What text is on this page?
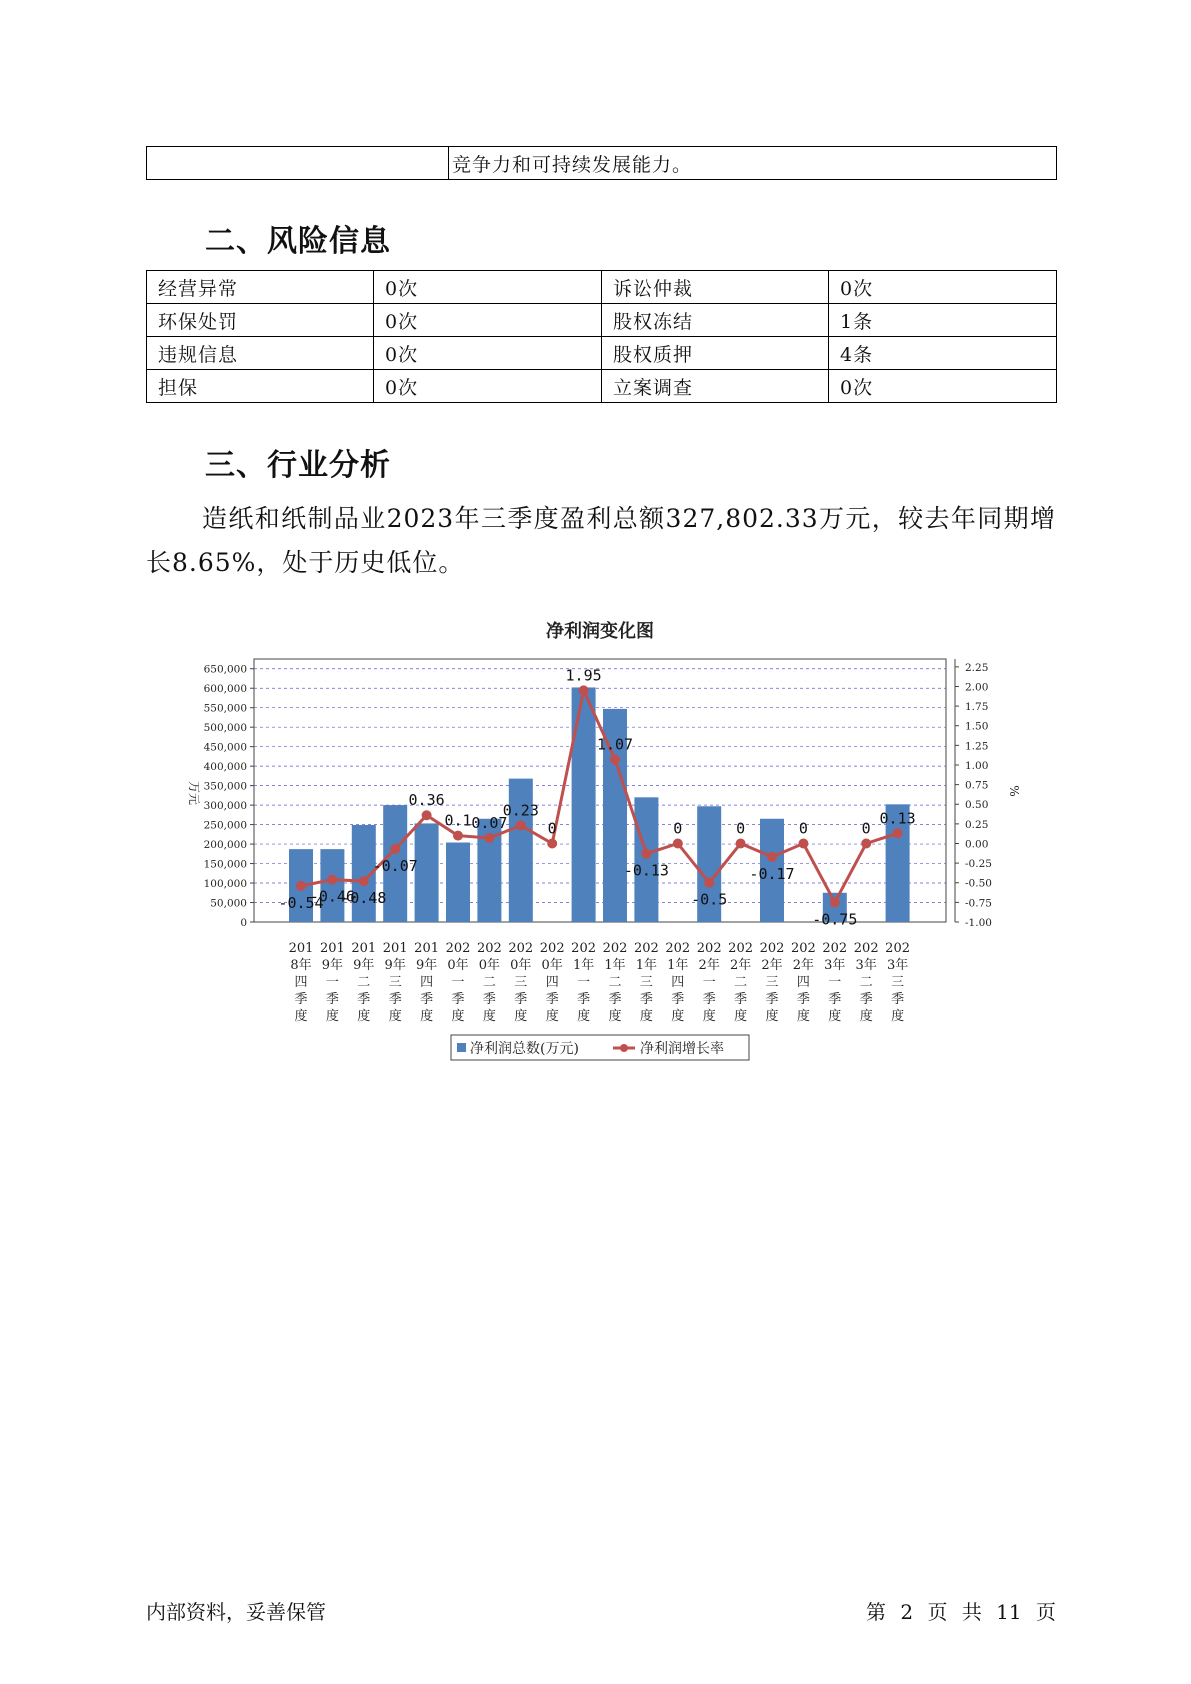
	竞争力和可持续发展能力。
二、风险信息
经营异常	0次	诉讼仲裁	0次
环保处罚	0次	股权冻结	1条
违规信息	0次	股权质押	4条
担保	0次	立案调查	0次
三、行业分析

造纸和纸制品业2023年三季度盈利总额327,802.33万元，较去年同期增长8.65%，处于历史低位。

净利润变化图
0
50,000
100,000
150,000
200,000
250,000
300,000
350,000
400,000
450,000
500,000
550,000
600,000
650,000
-1.00
-0.75
-0.50
-0.25
0.00
0.25
0.50
0.75
1.00
1.25
1.50
1.75
2.00
2.25
万元	%
-0.54
-0.46
-0.48
-0.07
0.36
0.1 0.07
0.23
0
1.95
1.07
-0.13
0
-0.5
0
-0.17
0
-0.75
0
0.13
201
8年
四
季
度
201
9年
一
季
度
201
9年
二
季
度
201
9年
三
季
度
201
9年
四
季
度
202
0年
一
季
度
202
0年
二
季
度
202
0年
三
季
度
202
0年
四
季
度
202
1年
一
季
度
202
1年
二
季
度
202
1年
三
季
度
202
1年
四
季
度
202
2年
一
季
度
202
2年
二
季
度
202
2年
三
季
度
202
2年
四
季
度
202
3年
一
季
度
202
3年
二
季
度
202
3年
三
季
度
净利润总数(万元)	净利润增长率
内部资料，妥善保管	第 2 页 共 11 页
